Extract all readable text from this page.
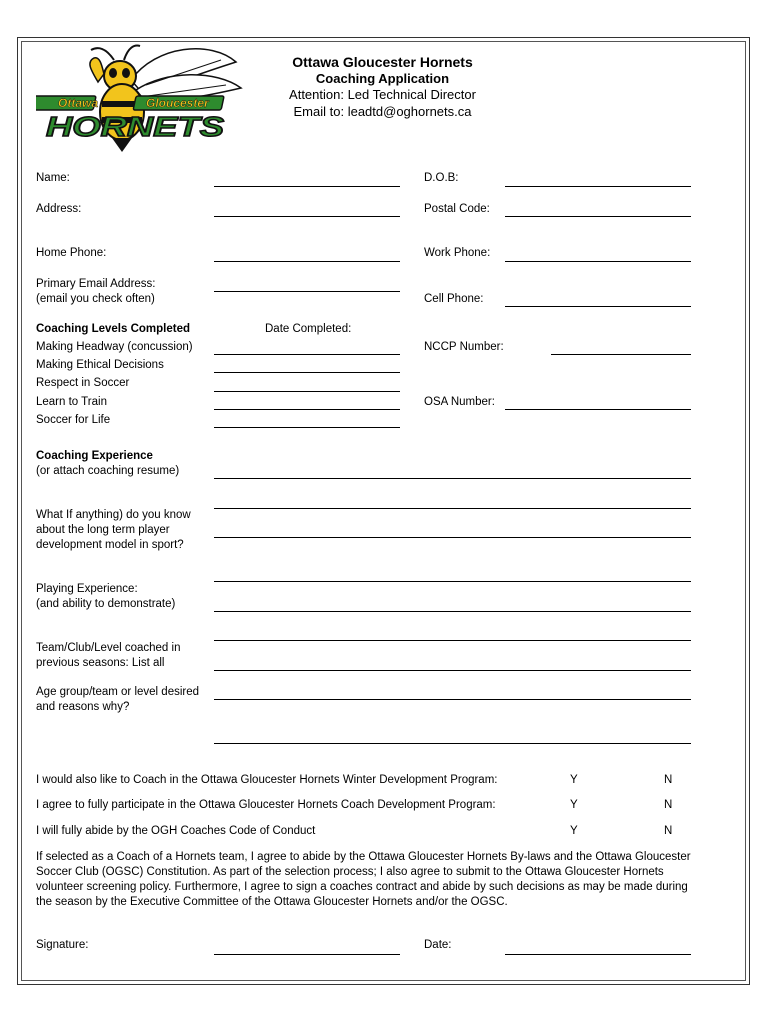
Ottawa	Gloucester
HORNETS
Ottawa Gloucester Hornets
Coaching Application
Attention: Led Technical Director
Email to: leadtd@oghornets.ca
Name:	D.O.B:
Address:	Postal Code:
Home Phone:	Work Phone:
Primary Email Address:
(email you check often)	Cell Phone:
Coaching Levels Completed	Date Completed:
Making Headway (concussion)
Making Ethical Decisions
Respect in Soccer
Learn to Train
Soccer for Life
NCCP Number:
OSA Number:
Coaching Experience
(or attach coaching resume)
What If anything) do you know
about the long term player
development model in sport?
Playing Experience:
(and ability to demonstrate)
Team/Club/Level coached in
previous seasons: List all
Age group/team or level desired
and reasons why?
I would also like to Coach in the Ottawa Gloucester Hornets Winter Development Program:	Y	N
I agree to fully participate in the Ottawa Gloucester Hornets Coach Development Program:	Y	N
I will fully abide by the OGH Coaches Code of Conduct	Y	N
If selected as a Coach of a Hornets team, I agree to abide by the Ottawa Gloucester Hornets By-laws and the Ottawa Gloucester Soccer Club (OGSC) Constitution. As part of the selection process; I also agree to submit to the Ottawa Gloucester Hornets volunteer screening policy. Furthermore, I agree to sign a coaches contract and abide by such decisions as may be made during the season by the Executive Committee of the Ottawa Gloucester Hornets and/or the OGSC.
Signature:	Date:
